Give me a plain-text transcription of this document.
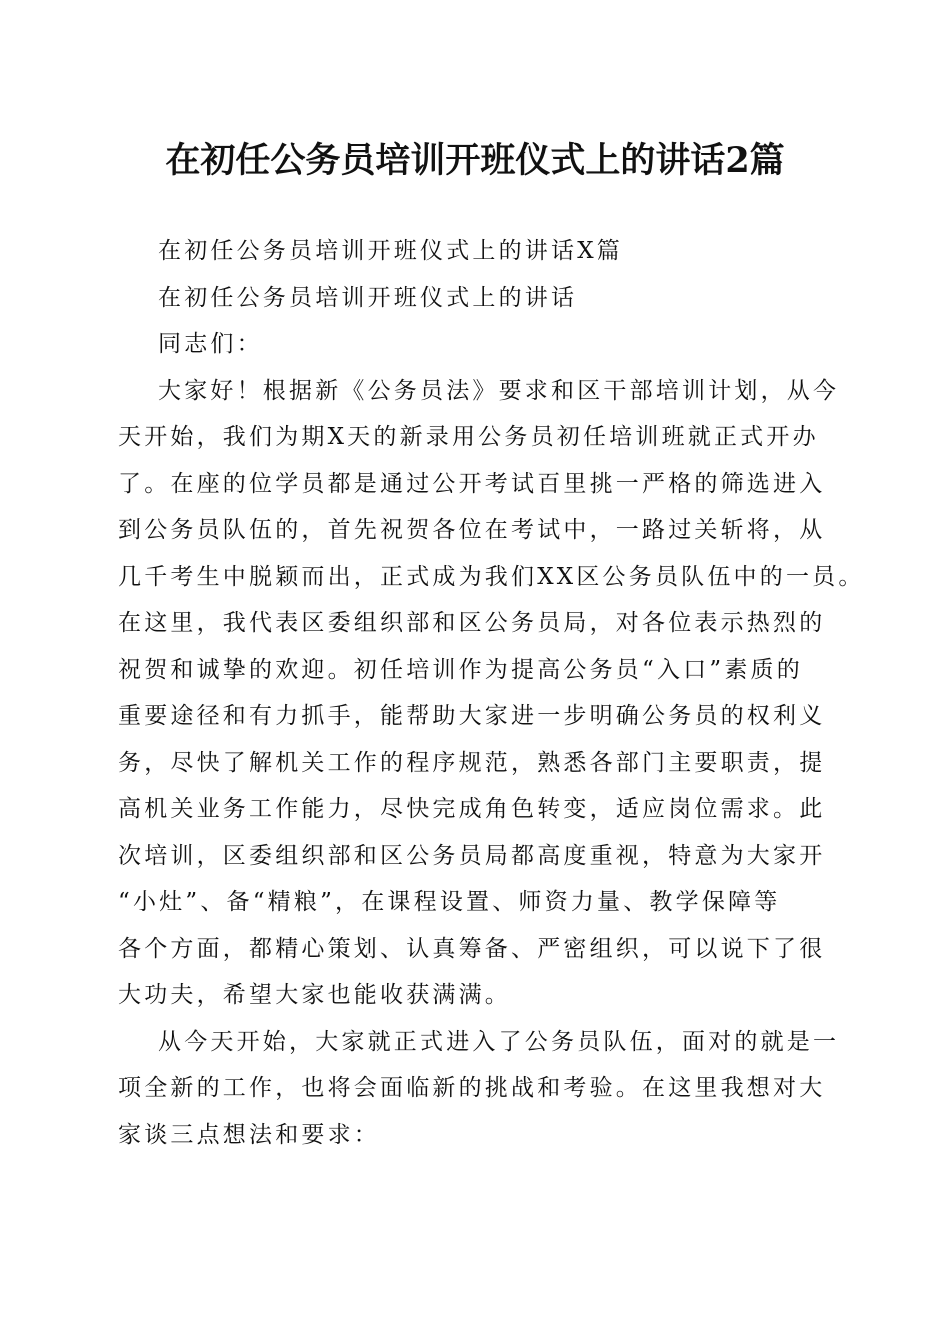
在初任公务员培训开班仪式上的讲话2篇

在初任公务员培训开班仪式上的讲话X篇

在初任公务员培训开班仪式上的讲话

同志们：

大家好！根据新《公务员法》要求和区干部培训计划，从今

天开始，我们为期X天的新录用公务员初任培训班就正式开办

了。在座的位学员都是通过公开考试百里挑一严格的筛选进入

到公务员队伍的，首先祝贺各位在考试中，一路过关斩将，从

几千考生中脱颖而出，正式成为我们XX区公务员队伍中的一员。

在这里，我代表区委组织部和区公务员局，对各位表示热烈的

祝贺和诚挚的欢迎。初任培训作为提高公务员“入口”素质的

重要途径和有力抓手，能帮助大家进一步明确公务员的权利义

务，尽快了解机关工作的程序规范，熟悉各部门主要职责，提

高机关业务工作能力，尽快完成角色转变，适应岗位需求。此

次培训，区委组织部和区公务员局都高度重视，特意为大家开

“小灶”、备“精粮”，在课程设置、师资力量、教学保障等

各个方面，都精心策划、认真筹备、严密组织，可以说下了很

大功夫，希望大家也能收获满满。

从今天开始，大家就正式进入了公务员队伍，面对的就是一

项全新的工作，也将会面临新的挑战和考验。在这里我想对大

家谈三点想法和要求：
